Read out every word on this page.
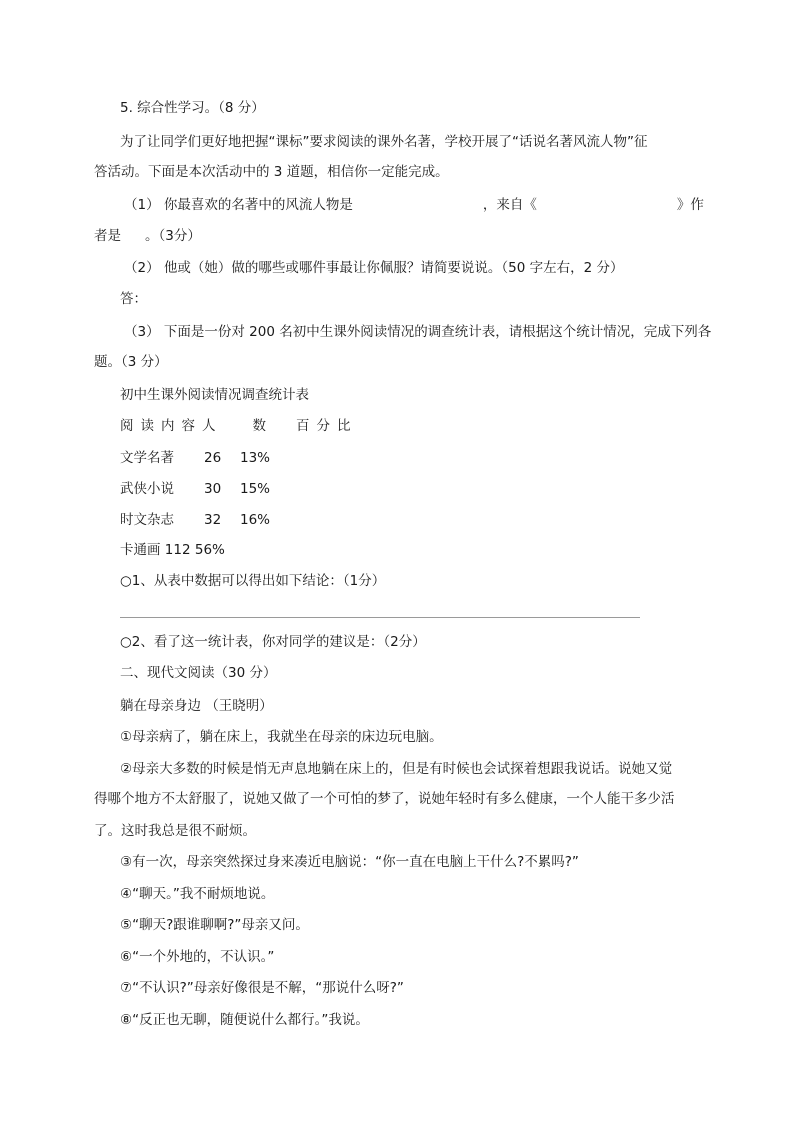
5. 综合性学习。（8 分）
为了让同学们更好地把握“课标”要求阅读的课外名著，学校开展了“话说名著风流人物”征
答活动。下面是本次活动中的 3 道题，相信你一定能完成。
（1） 你最喜欢的名著中的风流人物是	，来自《	》作
者是 。（3分）
（2） 他或（她）做的哪些或哪件事最让你佩服？请简要说说。（50 字左右，2 分）
答：
（3） 下面是一份对 200 名初中生课外阅读情况的调查统计表，请根据这个统计情况，完成下列各
题。（3 分）
初中生课外阅读情况调查统计表
阅读内容人 数 百分比
文学名著 26 13%
武侠小说 30 15%
时文杂志 32 16%
卡通画 112 56%
○1、从表中数据可以得出如下结论：（1分）
○2、看了这一统计表，你对同学的建议是：（2分）
二、现代文阅读（30 分）
躺在母亲身边 （王晓明）
①母亲病了，躺在床上，我就坐在母亲的床边玩电脑。
②母亲大多数的时候是悄无声息地躺在床上的，但是有时候也会试探着想跟我说话。说她又觉
得哪个地方不太舒服了，说她又做了一个可怕的梦了，说她年轻时有多么健康，一个人能干多少活
了。这时我总是很不耐烦。
③有一次，母亲突然探过身来凑近电脑说：“你一直在电脑上干什么?不累吗?”
④“聊天。”我不耐烦地说。
⑤“聊天?跟谁聊啊?”母亲又问。
⑥“一个外地的，不认识。”
⑦“不认识?”母亲好像很是不解，“那说什么呀?”
⑧“反正也无聊，随便说什么都行。”我说。
